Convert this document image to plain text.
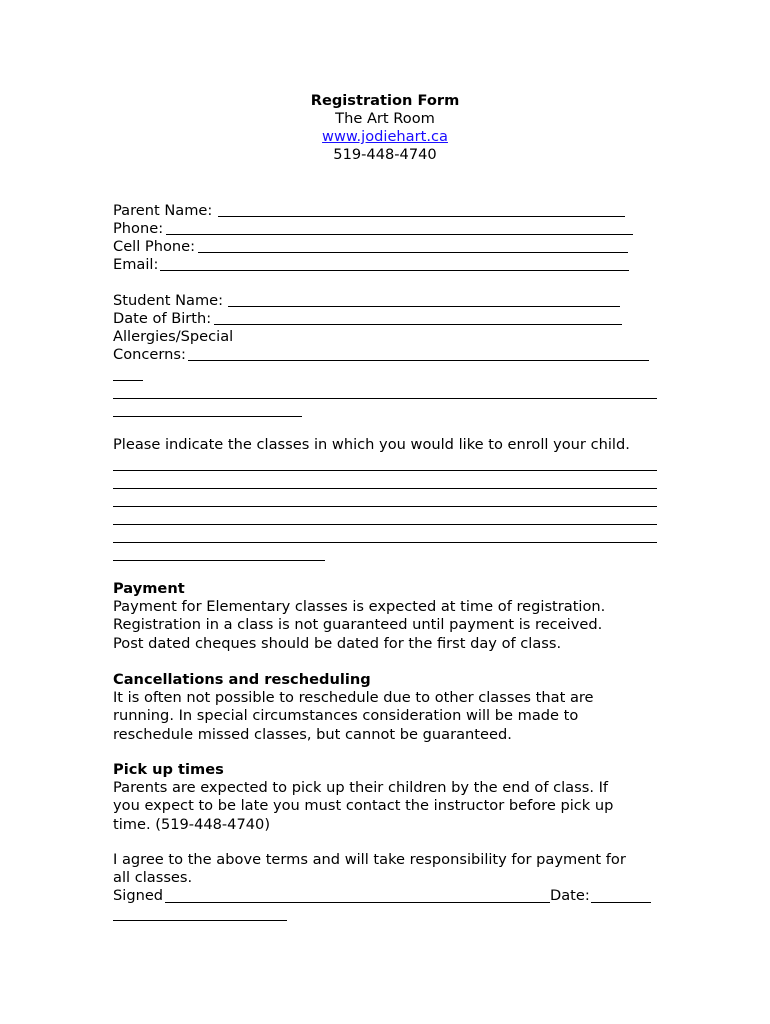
Registration Form
The Art Room
www.jodiehart.ca
519-448-4740
Parent Name:
Phone:
Cell Phone:
Email:
Student Name:
Date of Birth:
Allergies/Special
Concerns:
Please indicate the classes in which you would like to enroll your child.
Payment
Payment for Elementary classes is expected at time of registration.
Registration in a class is not guaranteed until payment is received.
Post dated cheques should be dated for the first day of class.
Cancellations and rescheduling
It is often not possible to reschedule due to other classes that are
running. In special circumstances consideration will be made to
reschedule missed classes, but cannot be guaranteed.
Pick up times
Parents are expected to pick up their children by the end of class. If
you expect to be late you must contact the instructor before pick up
time. (519-448-4740)
I agree to the above terms and will take responsibility for payment for
all classes.
Signed	Date:
